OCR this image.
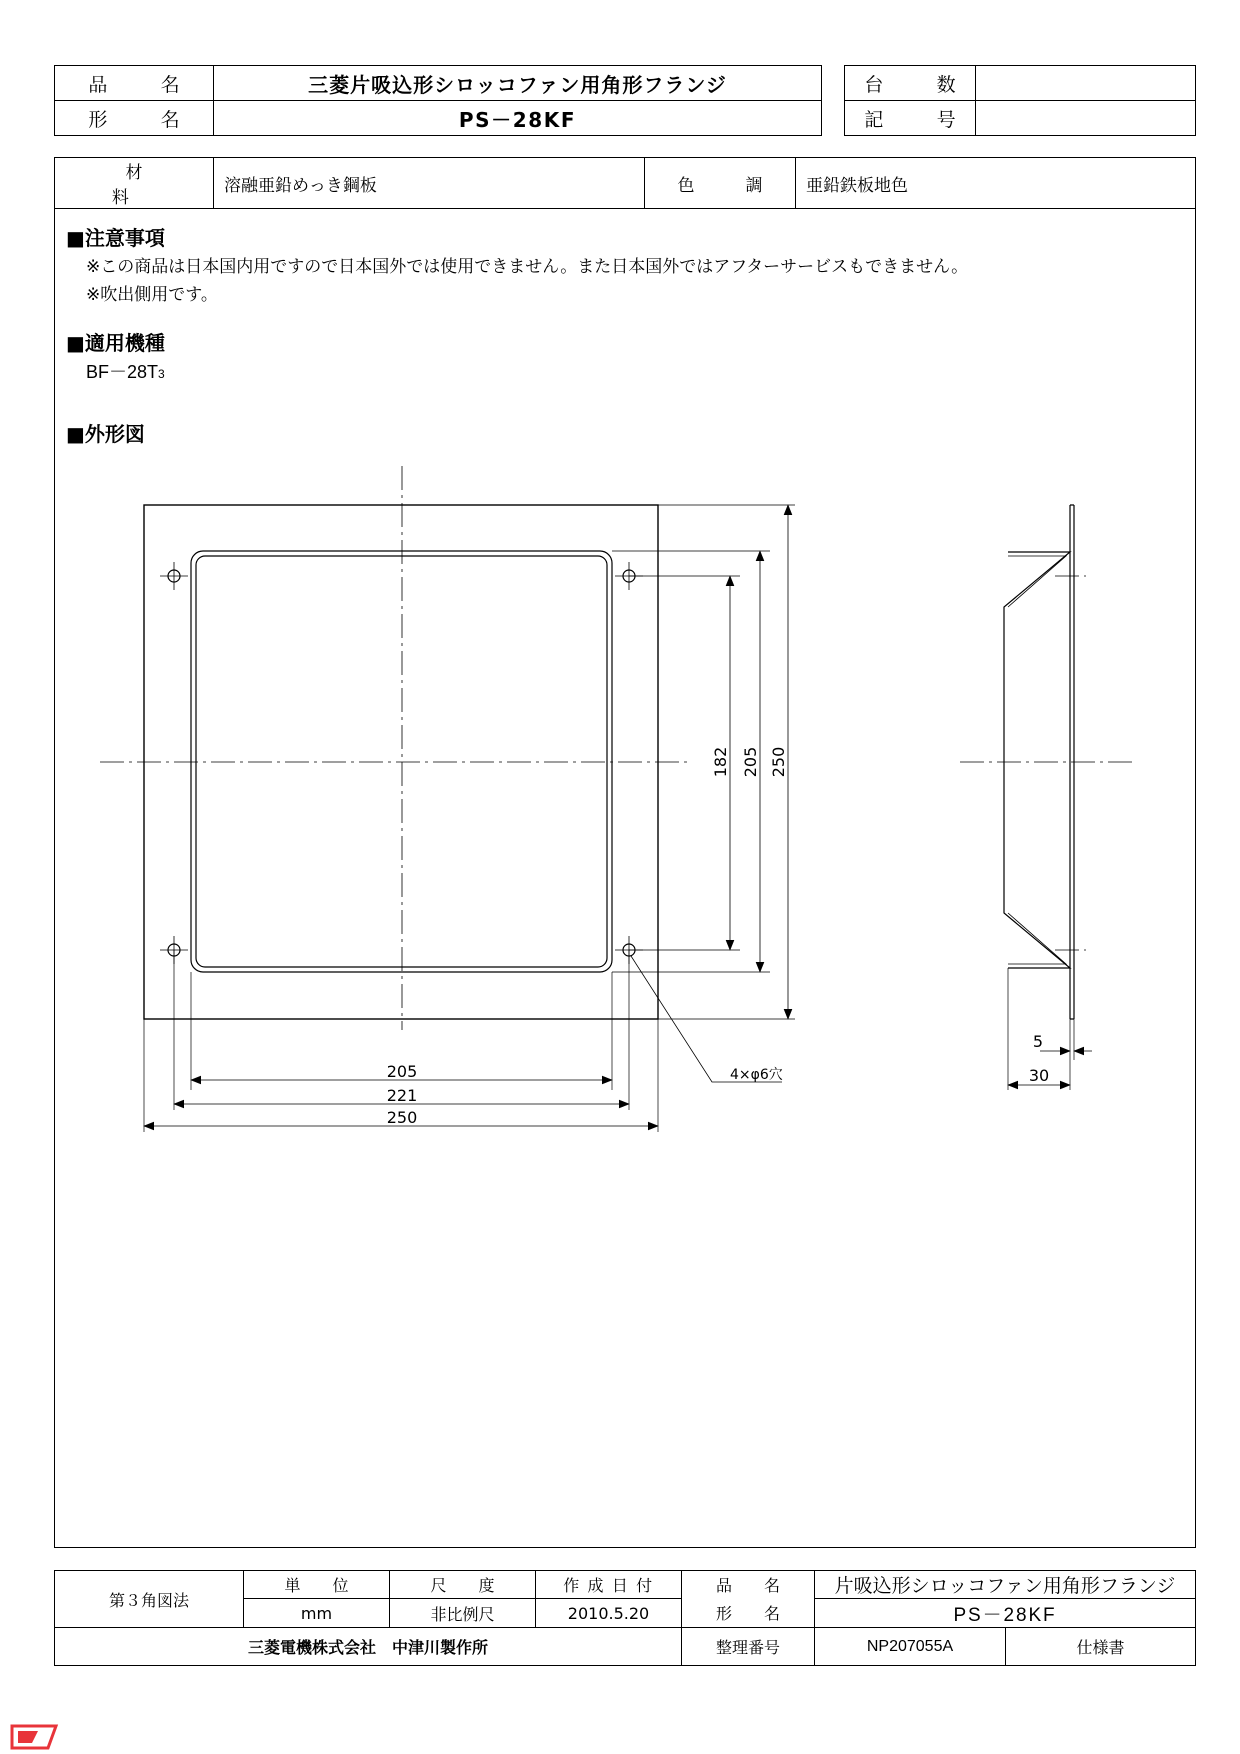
品　名	三菱片吸込形シロッコファン用角形フランジ
形　名	PS－28KF
台　数	
記　号	
材　料	溶融亜鉛めっき鋼板	色　調	亜鉛鉄板地色
■注意事項
※この商品は日本国内用ですので日本国外では使用できません。また日本国外ではアフターサービスもできません。
※吹出側用です。
■適用機種
BF－28T3
■外形図
205
221
250
182 205 250
4×φ6穴
5
30
第３角図法	単　位	尺　度	作 成 日 付	品　名	片吸込形シロッコファン用角形フランジ	
	mm	非比例尺	2010.5.20	形　名	PS－28KF	
三菱電機株式会社　中津川製作所				整理番号	NP207055A	仕様書
